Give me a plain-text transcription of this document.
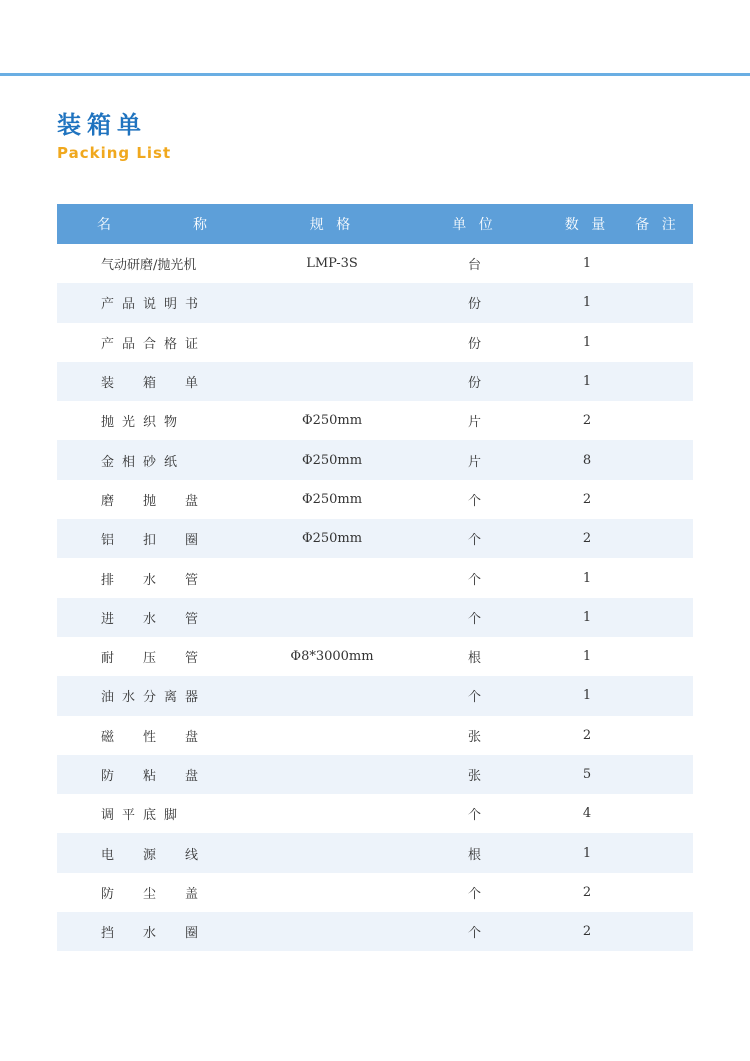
装箱单
Packing List
名 称	规 格	单 位	数 量	备 注
气动研磨/抛光机	LMP-3S	台	1	
产品说明书		份	1	
产品合格证		份	1	
装箱单		份	1	
抛光织物	Φ250mm	片	2	
金相砂纸	Φ250mm	片	8	
磨抛盘	Φ250mm	个	2	
铝扣圈	Φ250mm	个	2	
排水管		个	1	
进水管		个	1	
耐压管	Φ8*3000mm	根	1	
油水分离器		个	1	
磁性盘		张	2	
防粘盘		张	5	
调平底脚		个	4	
电源线		根	1	
防尘盖		个	2	
挡水圈		个	2	
